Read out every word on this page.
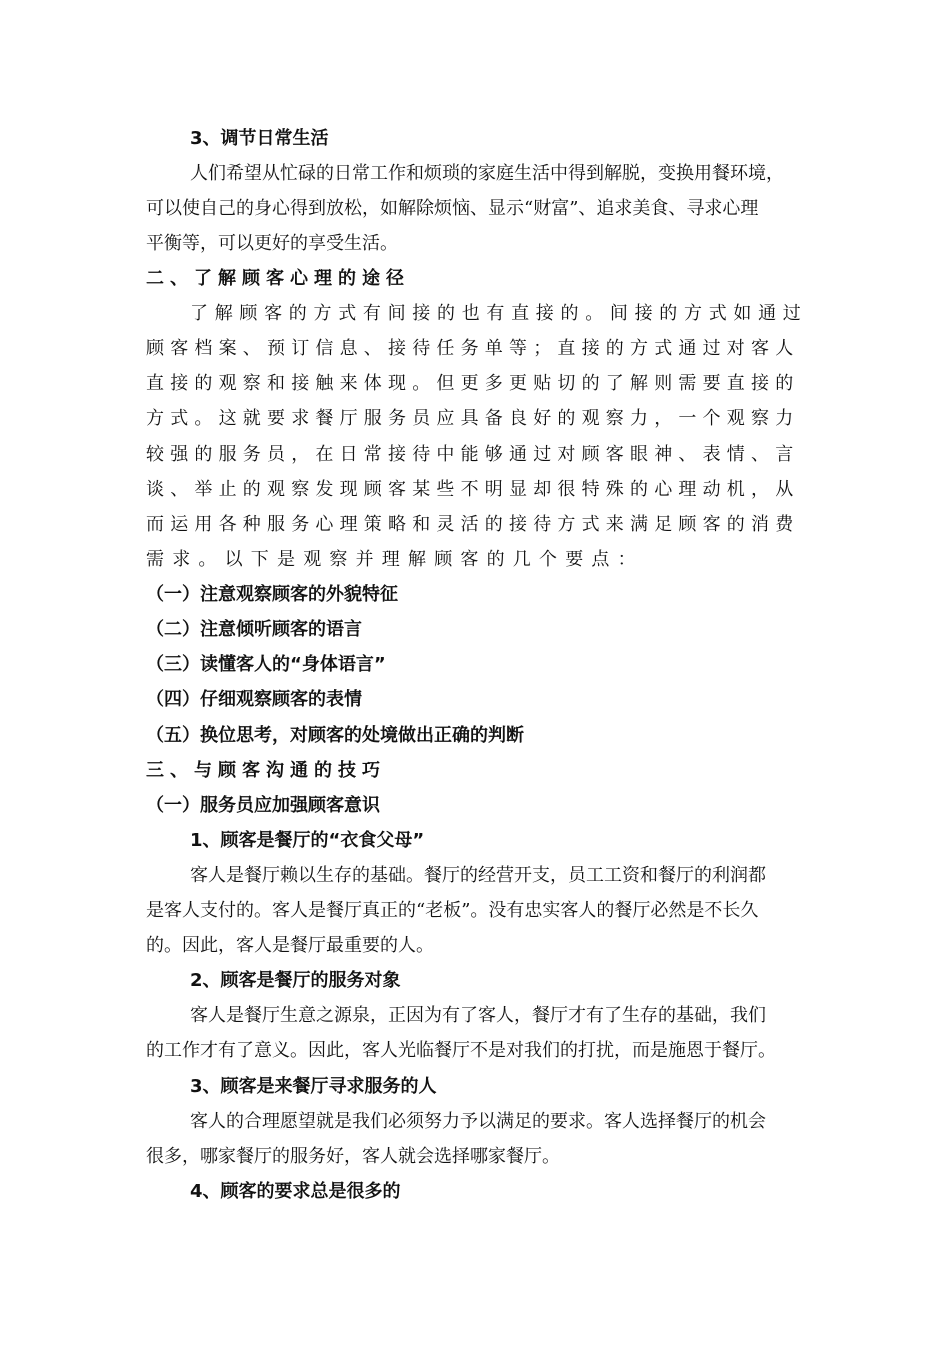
3、调节日常生活
人们希望从忙碌的日常工作和烦琐的家庭生活中得到解脱，变换用餐环境，
可以使自己的身心得到放松，如解除烦恼、显示“财富”、追求美食、寻求心理
平衡等，可以更好的享受生活。
二、了解顾客心理的途径
了解顾客的方式有间接的也有直接的。间接的方式如通过
顾客档案、预订信息、接待任务单等；直接的方式通过对客人
直接的观察和接触来体现。但更多更贴切的了解则需要直接的
方式。这就要求餐厅服务员应具备良好的观察力，一个观察力
较强的服务员，在日常接待中能够通过对顾客眼神、表情、言
谈、举止的观察发现顾客某些不明显却很特殊的心理动机，从
而运用各种服务心理策略和灵活的接待方式来满足顾客的消费
需求。以下是观察并理解顾客的几个要点：
（一）注意观察顾客的外貌特征
（二）注意倾听顾客的语言
（三）读懂客人的“身体语言”
（四）仔细观察顾客的表情
（五）换位思考，对顾客的处境做出正确的判断
三、与顾客沟通的技巧
（一）服务员应加强顾客意识
1、顾客是餐厅的“衣食父母”
客人是餐厅赖以生存的基础。餐厅的经营开支，员工工资和餐厅的利润都
是客人支付的。客人是餐厅真正的“老板”。没有忠实客人的餐厅必然是不长久
的。因此，客人是餐厅最重要的人。
2、顾客是餐厅的服务对象
客人是餐厅生意之源泉，正因为有了客人，餐厅才有了生存的基础，我们
的工作才有了意义。因此，客人光临餐厅不是对我们的打扰，而是施恩于餐厅。
3、顾客是来餐厅寻求服务的人
客人的合理愿望就是我们必须努力予以满足的要求。客人选择餐厅的机会
很多，哪家餐厅的服务好，客人就会选择哪家餐厅。
4、顾客的要求总是很多的
